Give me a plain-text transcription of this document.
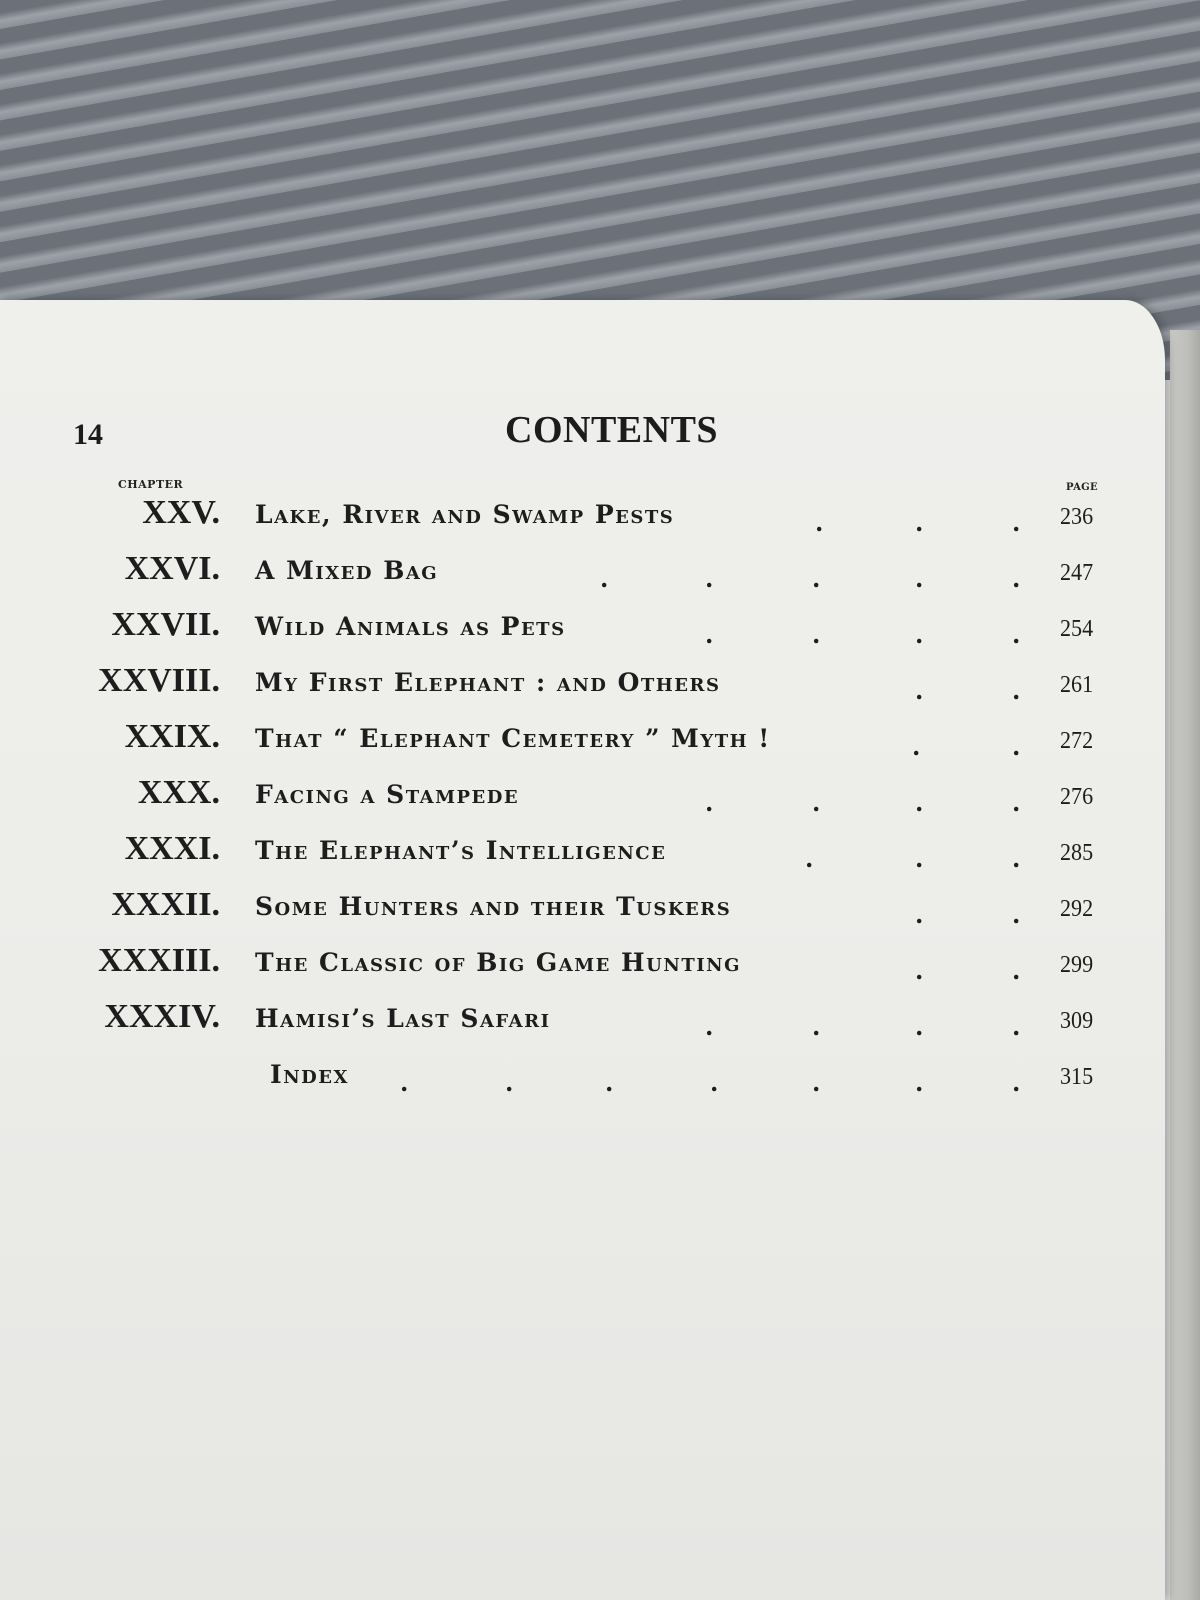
14	CONTENTS
CHAPTER	PAGE
XXV. Lake, River and Swamp Pests	.	.	. 236
XXVI. A Mixed Bag	.	.	.	.	. 247
XXVII. Wild Animals as Pets	.	.	.	. 254
XXVIII. My First Elephant : and Others	.	. 261
XXIX. That “ Elephant Cemetery ” Myth !	.	. 272
XXX. Facing a Stampede	.	.	.	. 276
XXXI. The Elephant’s Intelligence	.	.	. 285
XXXII. Some Hunters and their Tuskers	.	. 292
XXXIII. The Classic of Big Game Hunting	.	. 299
XXXIV. Hamisi’s Last Safari	.	.	.	. 309
Index .	.	.	.	.	.	. 315
